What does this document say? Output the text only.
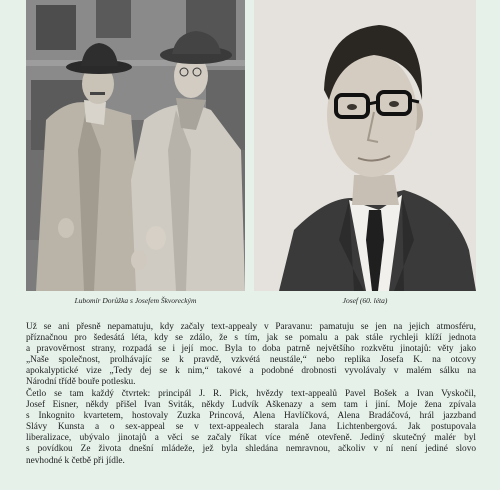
Lubomír Dorůžka s Josefem Škvoreckým	Josef (60. léta)
Už se ani přesně nepamatuju, kdy začaly text-appealy v Paravanu: pamatuju se jen na jejich atmosféru,
příznačnou pro šedesátá léta, kdy se zdálo, že s tím, jak se pomalu a pak stále rychleji klíží jednota
a pravověrnost strany, rozpadá se i její moc. Byla to doba patrně největšího rozkvětu jinotajů: věty jako
„Naše společnost, prolhávajíc se k pravdě, vzkvétá neustále,“ nebo replika Josefa K. na otcovy
apokalyptické vize „Tedy dej se k nim,“ takové a podobné drobnosti vyvolávaly v malém sálku na
Národní třídě bouře potlesku.
Četlo se tam každý čtvrtek: principál J. R. Pick, hvězdy text-appealů Pavel Bošek a Ivan Vyskočil,
Josef Eisner, někdy přišel Ivan Sviták, někdy Ludvík Aškenazy a sem tam i jiní. Moje žena zpívala
s Inkognito kvartetem, hostovaly Zuzka Princová, Alena Havlíčková, Alena Bradáčová, hrál jazzband
Slávy Kunsta a o sex-appeal se v text-appealech starala Jana Lichtenbergová. Jak postupovala
liberalizace, ubývalo jinotajů a věci se začaly říkat více méně otevřeně. Jediný skutečný malér byl
s povídkou Ze života dnešní mládeže, jež byla shledána nemravnou, ačkoliv v ní není jediné slovo
nevhodné k četbě při jídle.
